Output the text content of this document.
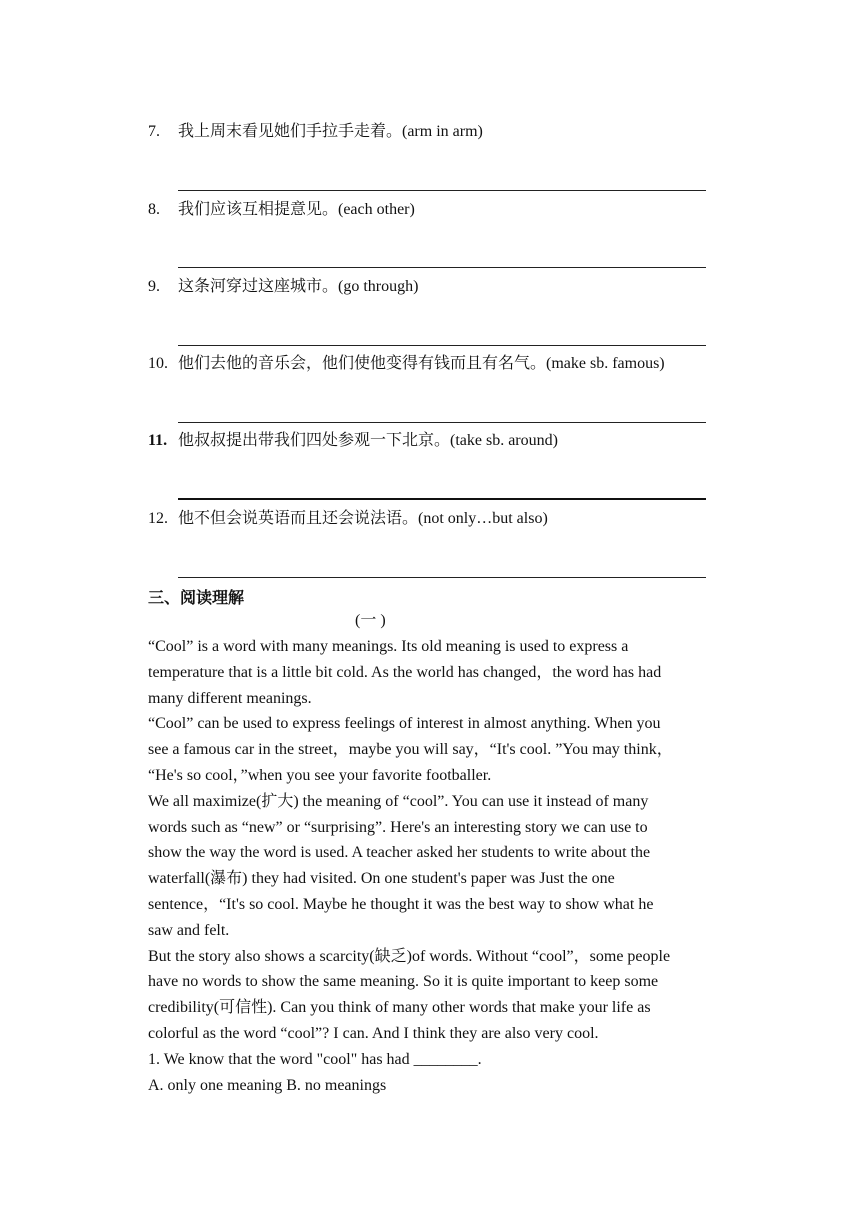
7. 我上周末看见她们手拉手走着。(arm in arm)
8. 我们应该互相提意见。(each other)
9. 这条河穿过这座城市。(go through)
10. 他们去他的音乐会，他们使他变得有钱而且有名气。(make sb. famous)
11. 他叔叔提出带我们四处参观一下北京。(take sb. around)
12. 他不但会说英语而且还会说法语。(not only…but also)
三、阅读理解
(一 )
“Cool” is a word with many meanings. Its old meaning is used to express a
temperature that is a little bit cold. As the world has changed，the word has had
many different meanings.
“Cool” can be used to express feelings of interest in almost anything. When you
see a famous car in the street，maybe you will say，“It's cool. ”You may think，
“He's so cool，”when you see your favorite footballer.
We all maximize(扩大) the meaning of “cool”. You can use it instead of many
words such as “new” or “surprising”. Here's an interesting story we can use to
show the way the word is used. A teacher asked her students to write about the
waterfall(瀑布) they had visited. On one student's paper was Just the one
sentence，“It's so cool. Maybe he thought it was the best way to show what he
saw and felt.
But the story also shows a scarcity(缺乏)of words. Without “cool”，some people
have no words to show the same meaning. So it is quite important to keep some
credibility(可信性). Can you think of many other words that make your life as
colorful as the word “cool”? I can. And I think they are also very cool.
1. We know that the word "cool" has had ________.
A. only one meaning B. no meanings
